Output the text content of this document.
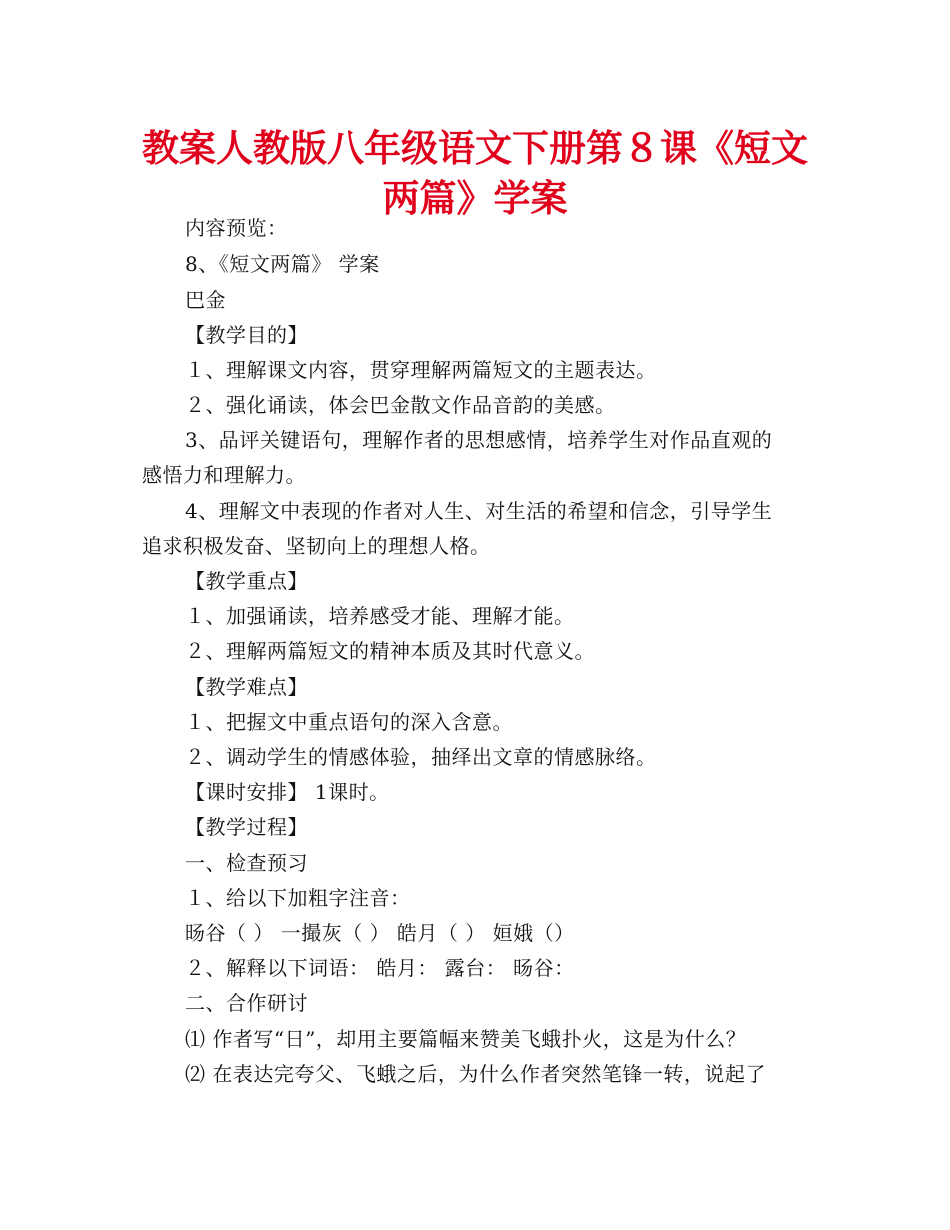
教案人教版八年级语文下册第８课《短文
两篇》学案
内容预览：
8、《短文两篇》 学案
巴金
【教学目的】
１、理解课文内容，贯穿理解两篇短文的主题表达。
２、强化诵读，体会巴金散文作品音韵的美感。
3、品评关键语句，理解作者的思想感情，培养学生对作品直观的
感悟力和理解力。
4、理解文中表现的作者对人生、对生活的希望和信念，引导学生
追求积极发奋、坚韧向上的理想人格。
【教学重点】
１、加强诵读，培养感受才能、理解才能。
２、理解两篇短文的精神本质及其时代意义。
【教学难点】
１、把握文中重点语句的深入含意。
２、调动学生的情感体验，抽绎出文章的情感脉络。
【课时安排】 1课时。
【教学过程】
一、检查预习
１、给以下加粗字注音：
旸谷（ ） 一撮灰（ ） 皓月（ ） 姮娥（）
２、解释以下词语： 皓月： 露台： 旸谷：
二、合作研讨
⑴ 作者写“日”，却用主要篇幅来赞美飞蛾扑火，这是为什么？
⑵ 在表达完夸父、飞蛾之后，为什么作者突然笔锋一转，说起了
